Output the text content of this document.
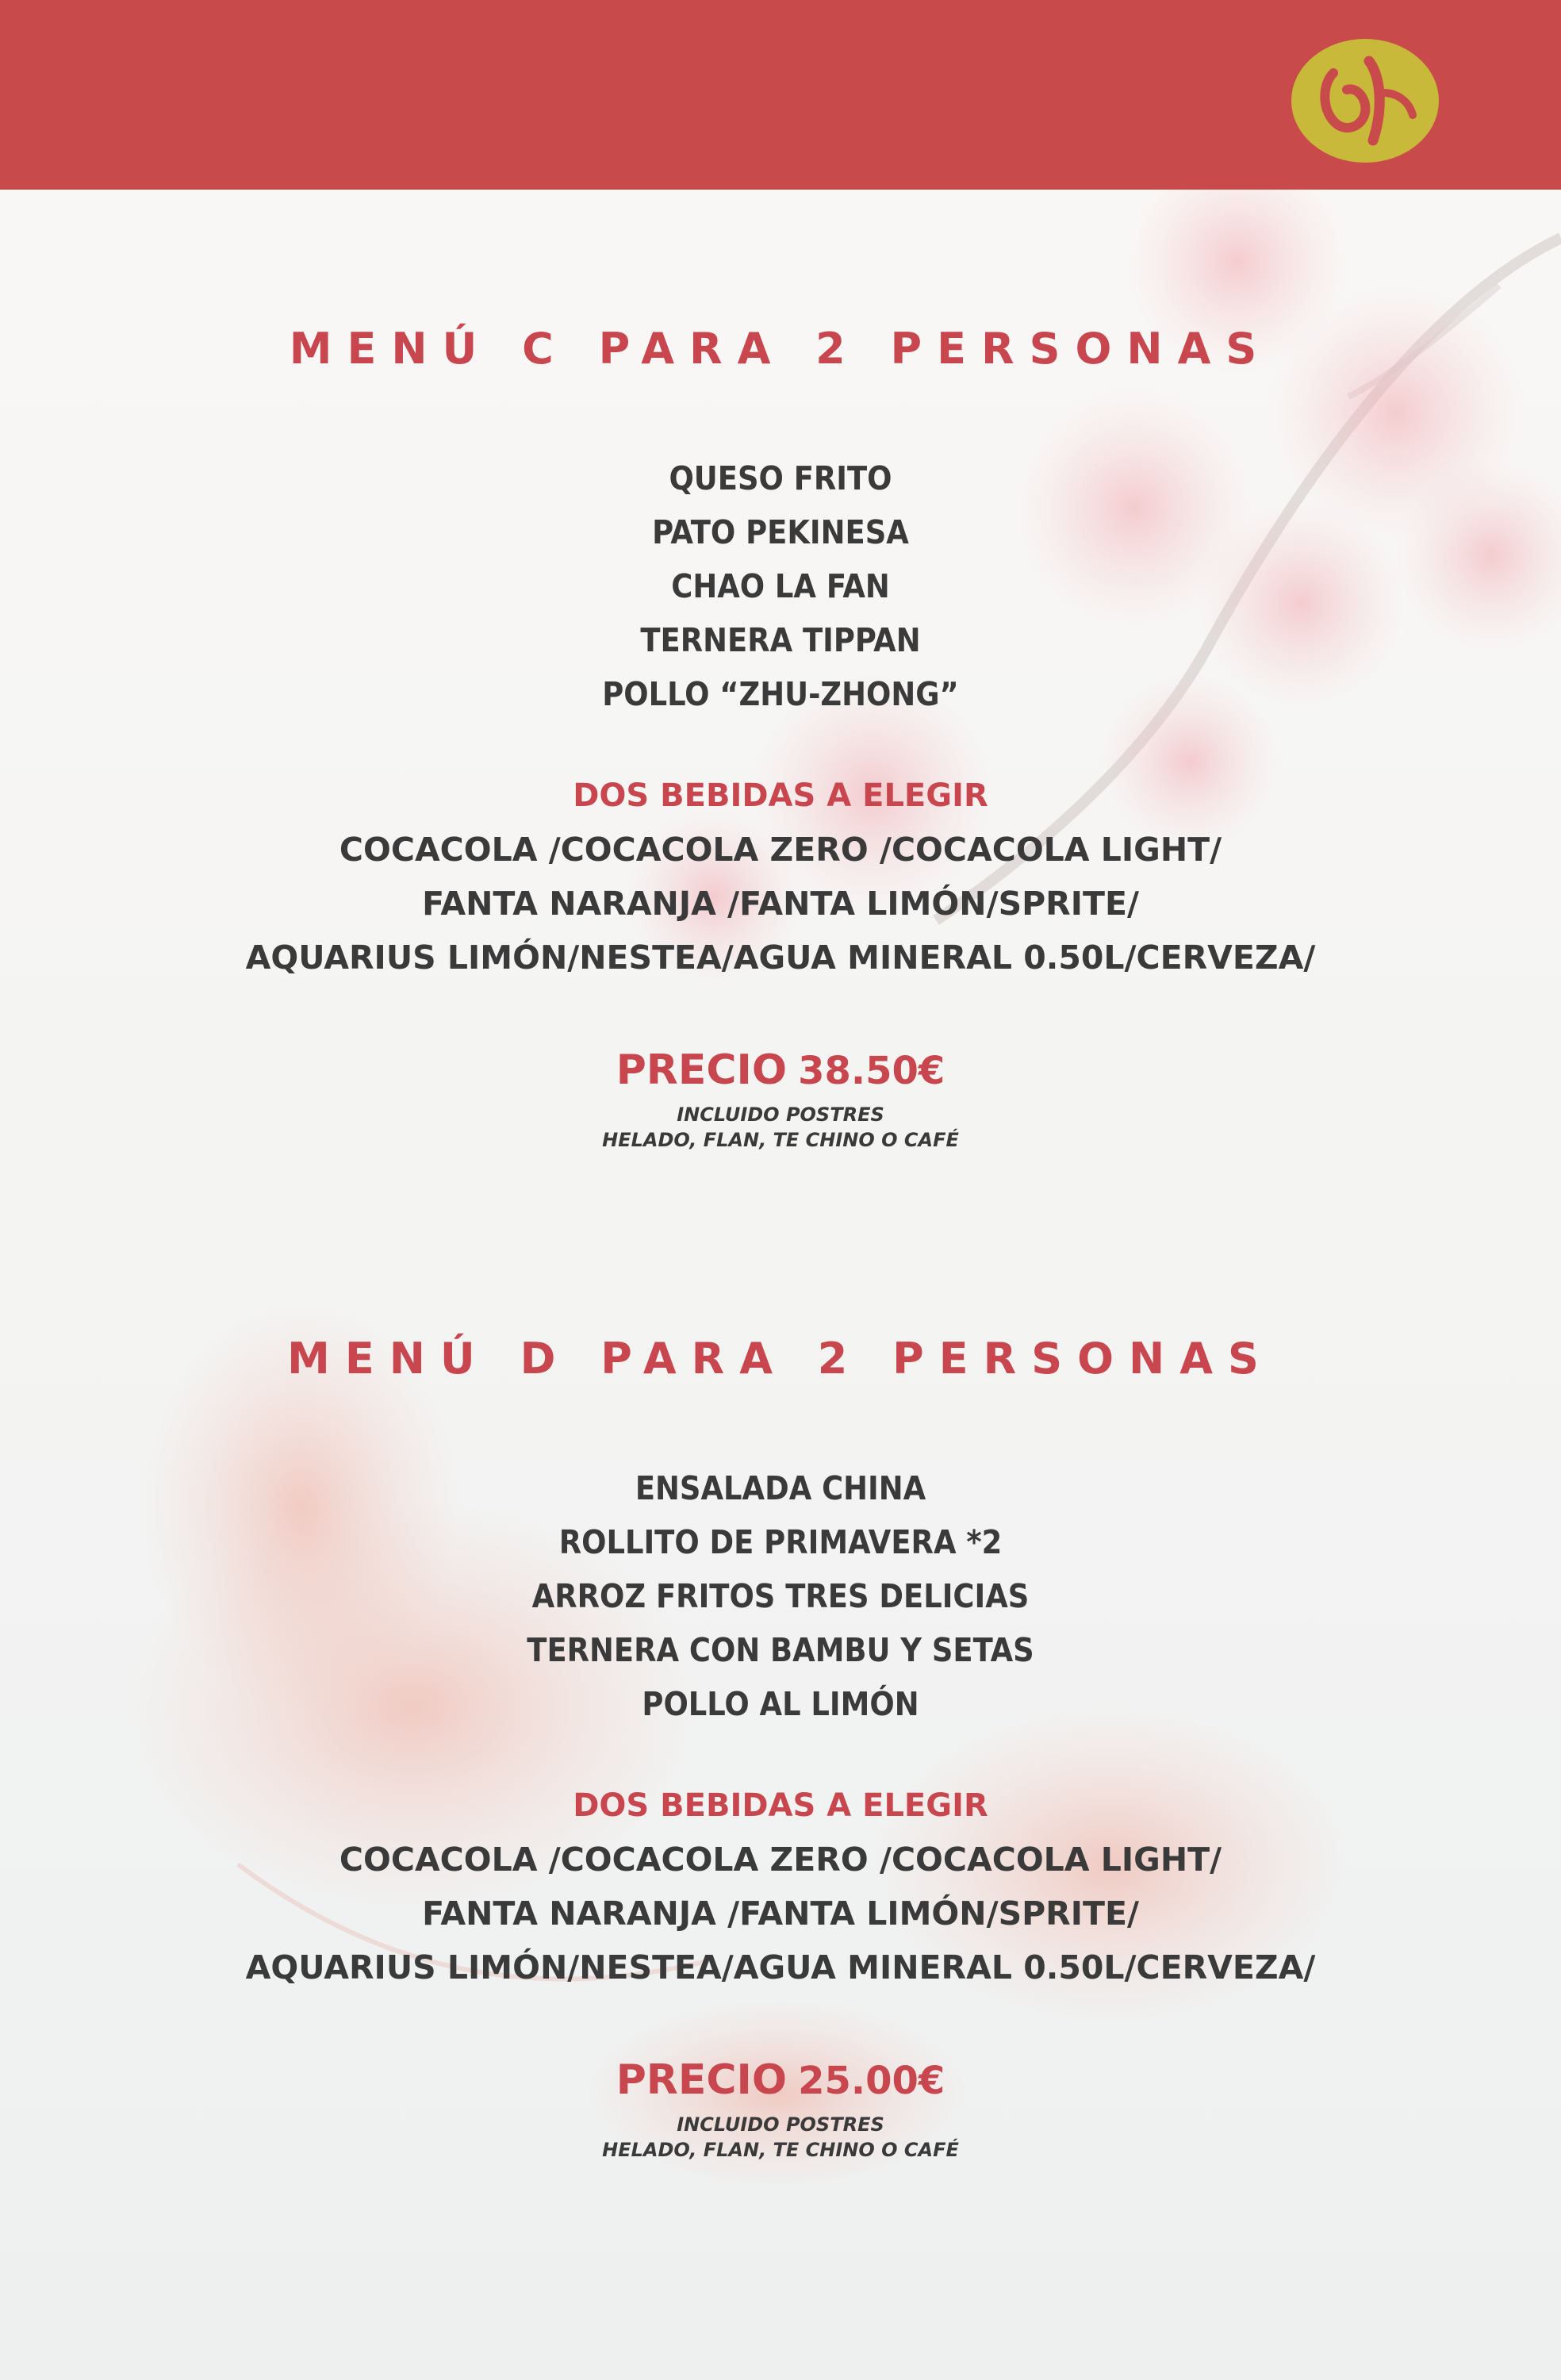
MENÚ C PARA 2 PERSONAS
QUESO FRITO
PATO PEKINESA
CHAO LA FAN
TERNERA TIPPAN
POLLO “ZHU-ZHONG”
DOS BEBIDAS A ELEGIR
COCACOLA /COCACOLA ZERO /COCACOLA LIGHT/
FANTA NARANJA /FANTA LIMÓN/SPRITE/
AQUARIUS LIMÓN/NESTEA/AGUA MINERAL 0.50L/CERVEZA/
PRECIO 38.50€
INCLUIDO POSTRES
HELADO, FLAN, TE CHINO O CAFÉ
MENÚ D PARA 2 PERSONAS
ENSALADA CHINA
ROLLITO DE PRIMAVERA *2
ARROZ FRITOS TRES DELICIAS
TERNERA CON BAMBU Y SETAS
POLLO AL LIMÓN
DOS BEBIDAS A ELEGIR
COCACOLA /COCACOLA ZERO /COCACOLA LIGHT/
FANTA NARANJA /FANTA LIMÓN/SPRITE/
AQUARIUS LIMÓN/NESTEA/AGUA MINERAL 0.50L/CERVEZA/
PRECIO 25.00€
INCLUIDO POSTRES
HELADO, FLAN, TE CHINO O CAFÉ
